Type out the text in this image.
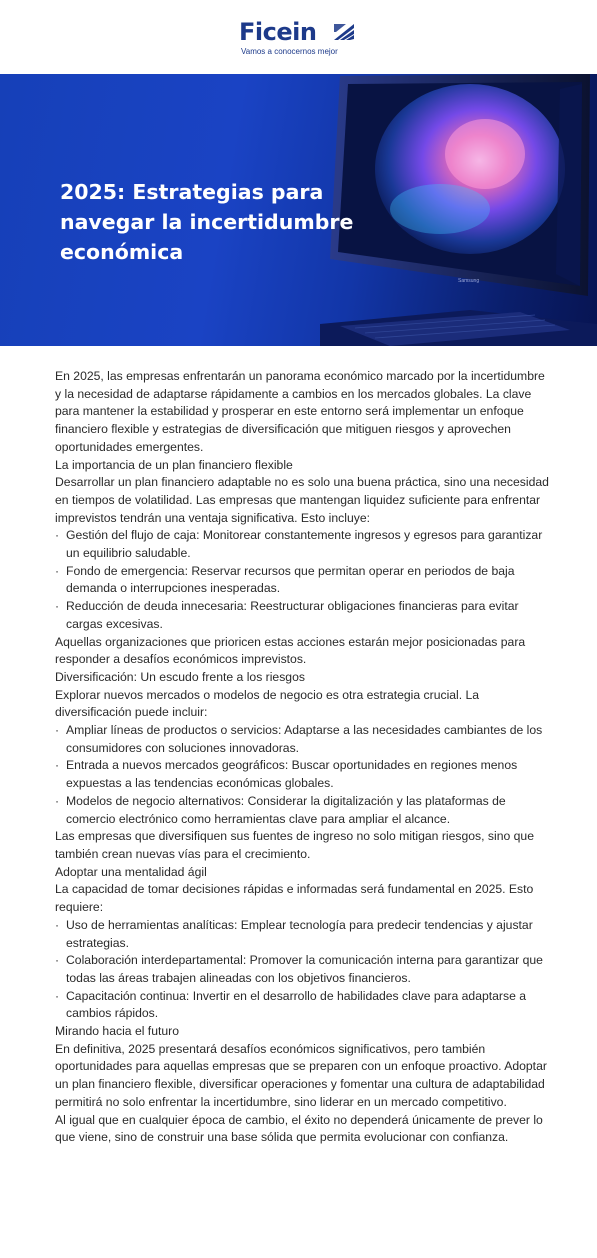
Ficein
Vamos a conocernos mejor
Samsung
2025: Estrategias para navegar la incertidumbre económica

En 2025, las empresas enfrentarán un panorama económico marcado por la incertidumbre y la necesidad de adaptarse rápidamente a cambios en los mercados globales. La clave para mantener la estabilidad y prosperar en este entorno será implementar un enfoque financiero flexible y estrategias de diversificación que mitiguen riesgos y aprovechen oportunidades emergentes.

La importancia de un plan financiero flexible

Desarrollar un plan financiero adaptable no es solo una buena práctica, sino una necesidad en tiempos de volatilidad. Las empresas que mantengan liquidez suficiente para enfrentar imprevistos tendrán una ventaja significativa. Esto incluye:

· Gestión del flujo de caja: Monitorear constantemente ingresos y egresos para garantizar un equilibrio saludable.
· Fondo de emergencia: Reservar recursos que permitan operar en periodos de baja demanda o interrupciones inesperadas.
· Reducción de deuda innecesaria: Reestructurar obligaciones financieras para evitar cargas excesivas.

Aquellas organizaciones que prioricen estas acciones estarán mejor posicionadas para responder a desafíos económicos imprevistos.

Diversificación: Un escudo frente a los riesgos

Explorar nuevos mercados o modelos de negocio es otra estrategia crucial. La diversificación puede incluir:

· Ampliar líneas de productos o servicios: Adaptarse a las necesidades cambiantes de los consumidores con soluciones innovadoras.
· Entrada a nuevos mercados geográficos: Buscar oportunidades en regiones menos expuestas a las tendencias económicas globales.
· Modelos de negocio alternativos: Considerar la digitalización y las plataformas de comercio electrónico como herramientas clave para ampliar el alcance.

Las empresas que diversifiquen sus fuentes de ingreso no solo mitigan riesgos, sino que también crean nuevas vías para el crecimiento.

Adoptar una mentalidad ágil

La capacidad de tomar decisiones rápidas e informadas será fundamental en 2025. Esto requiere:

· Uso de herramientas analíticas: Emplear tecnología para predecir tendencias y ajustar estrategias.
· Colaboración interdepartamental: Promover la comunicación interna para garantizar que todas las áreas trabajen alineadas con los objetivos financieros.
· Capacitación continua: Invertir en el desarrollo de habilidades clave para adaptarse a cambios rápidos.

Mirando hacia el futuro

En definitiva, 2025 presentará desafíos económicos significativos, pero también oportunidades para aquellas empresas que se preparen con un enfoque proactivo. Adoptar un plan financiero flexible, diversificar operaciones y fomentar una cultura de adaptabilidad permitirá no solo enfrentar la incertidumbre, sino liderar en un mercado competitivo.

Al igual que en cualquier época de cambio, el éxito no dependerá únicamente de prever lo que viene, sino de construir una base sólida que permita evolucionar con confianza.
